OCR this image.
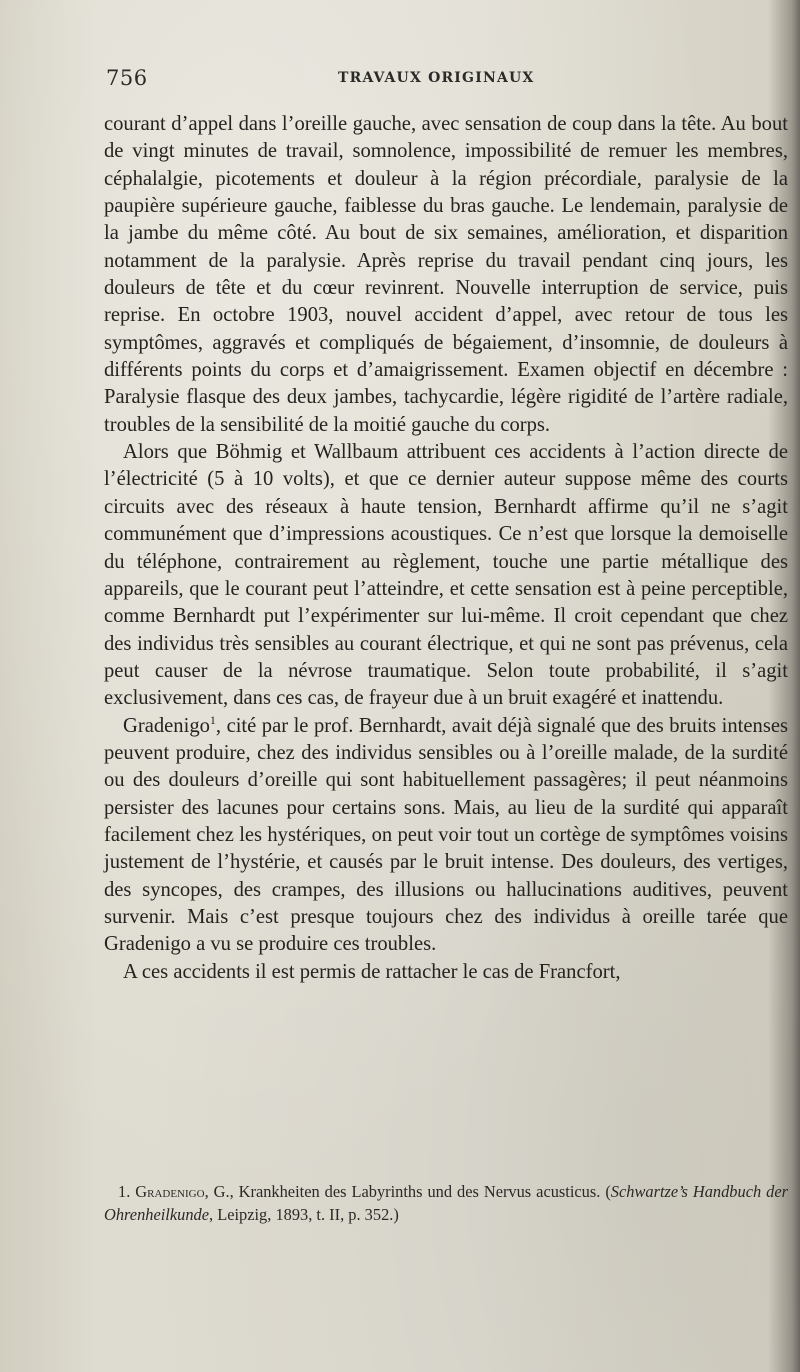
756	TRAVAUX ORIGINAUX

courant d’appel dans l’oreille gauche, avec sensation de coup dans la tête. Au bout de vingt minutes de travail, somnolence, impossibilité de remuer les membres, céphalalgie, picotements et douleur à la région précordiale, paralysie de la paupière supérieure gauche, faiblesse du bras gauche. Le lendemain, paralysie de la jambe du même côté. Au bout de six semaines, amélioration, et disparition notamment de la paralysie. Après reprise du travail pendant cinq jours, les douleurs de tête et du cœur revinrent. Nouvelle interruption de service, puis reprise. En octobre 1903, nouvel accident d’appel, avec retour de tous les symptômes, aggravés et compliqués de bégaiement, d’insomnie, de douleurs à différents points du corps et d’amaigrissement. Examen objectif en décembre : Paralysie flasque des deux jambes, tachycardie, légère rigidité de l’artère radiale, troubles de la sensibilité de la moitié gauche du corps.

Alors que Böhmig et Wallbaum attribuent ces accidents à l’action directe de l’électricité (5 à 10 volts), et que ce dernier auteur suppose même des courts circuits avec des réseaux à haute tension, Bernhardt affirme qu’il ne s’agit communément que d’impressions acoustiques. Ce n’est que lorsque la demoiselle du téléphone, contrairement au règlement, touche une partie métallique des appareils, que le courant peut l’atteindre, et cette sensation est à peine perceptible, comme Bernhardt put l’expérimenter sur lui-même. Il croit cependant que chez des individus très sensibles au courant électrique, et qui ne sont pas prévenus, cela peut causer de la névrose traumatique. Selon toute probabilité, il s’agit exclusivement, dans ces cas, de frayeur due à un bruit exagéré et inattendu.

Gradenigo$^1$, cité par le prof. Bernhardt, avait déjà signalé que des bruits intenses peuvent produire, chez des individus sensibles ou à l’oreille malade, de la surdité ou des douleurs d’oreille qui sont habituellement passagères; il peut néanmoins persister des lacunes pour certains sons. Mais, au lieu de la surdité qui apparaît facilement chez les hystériques, on peut voir tout un cortège de symptômes voisins justement de l’hystérie, et causés par le bruit intense. Des douleurs, des vertiges, des syncopes, des crampes, des illusions ou hallucinations auditives, peuvent survenir. Mais c’est presque toujours chez des individus à oreille tarée que Gradenigo a vu se produire ces troubles.

A ces accidents il est permis de rattacher le cas de Francfort,

1. Gradenigo, G., Krankheiten des Labyrinths und des Nervus acusticus. (Schwartze’s Handbuch der Ohrenheilkunde, Leipzig, 1893, t. II, p. 352.)
